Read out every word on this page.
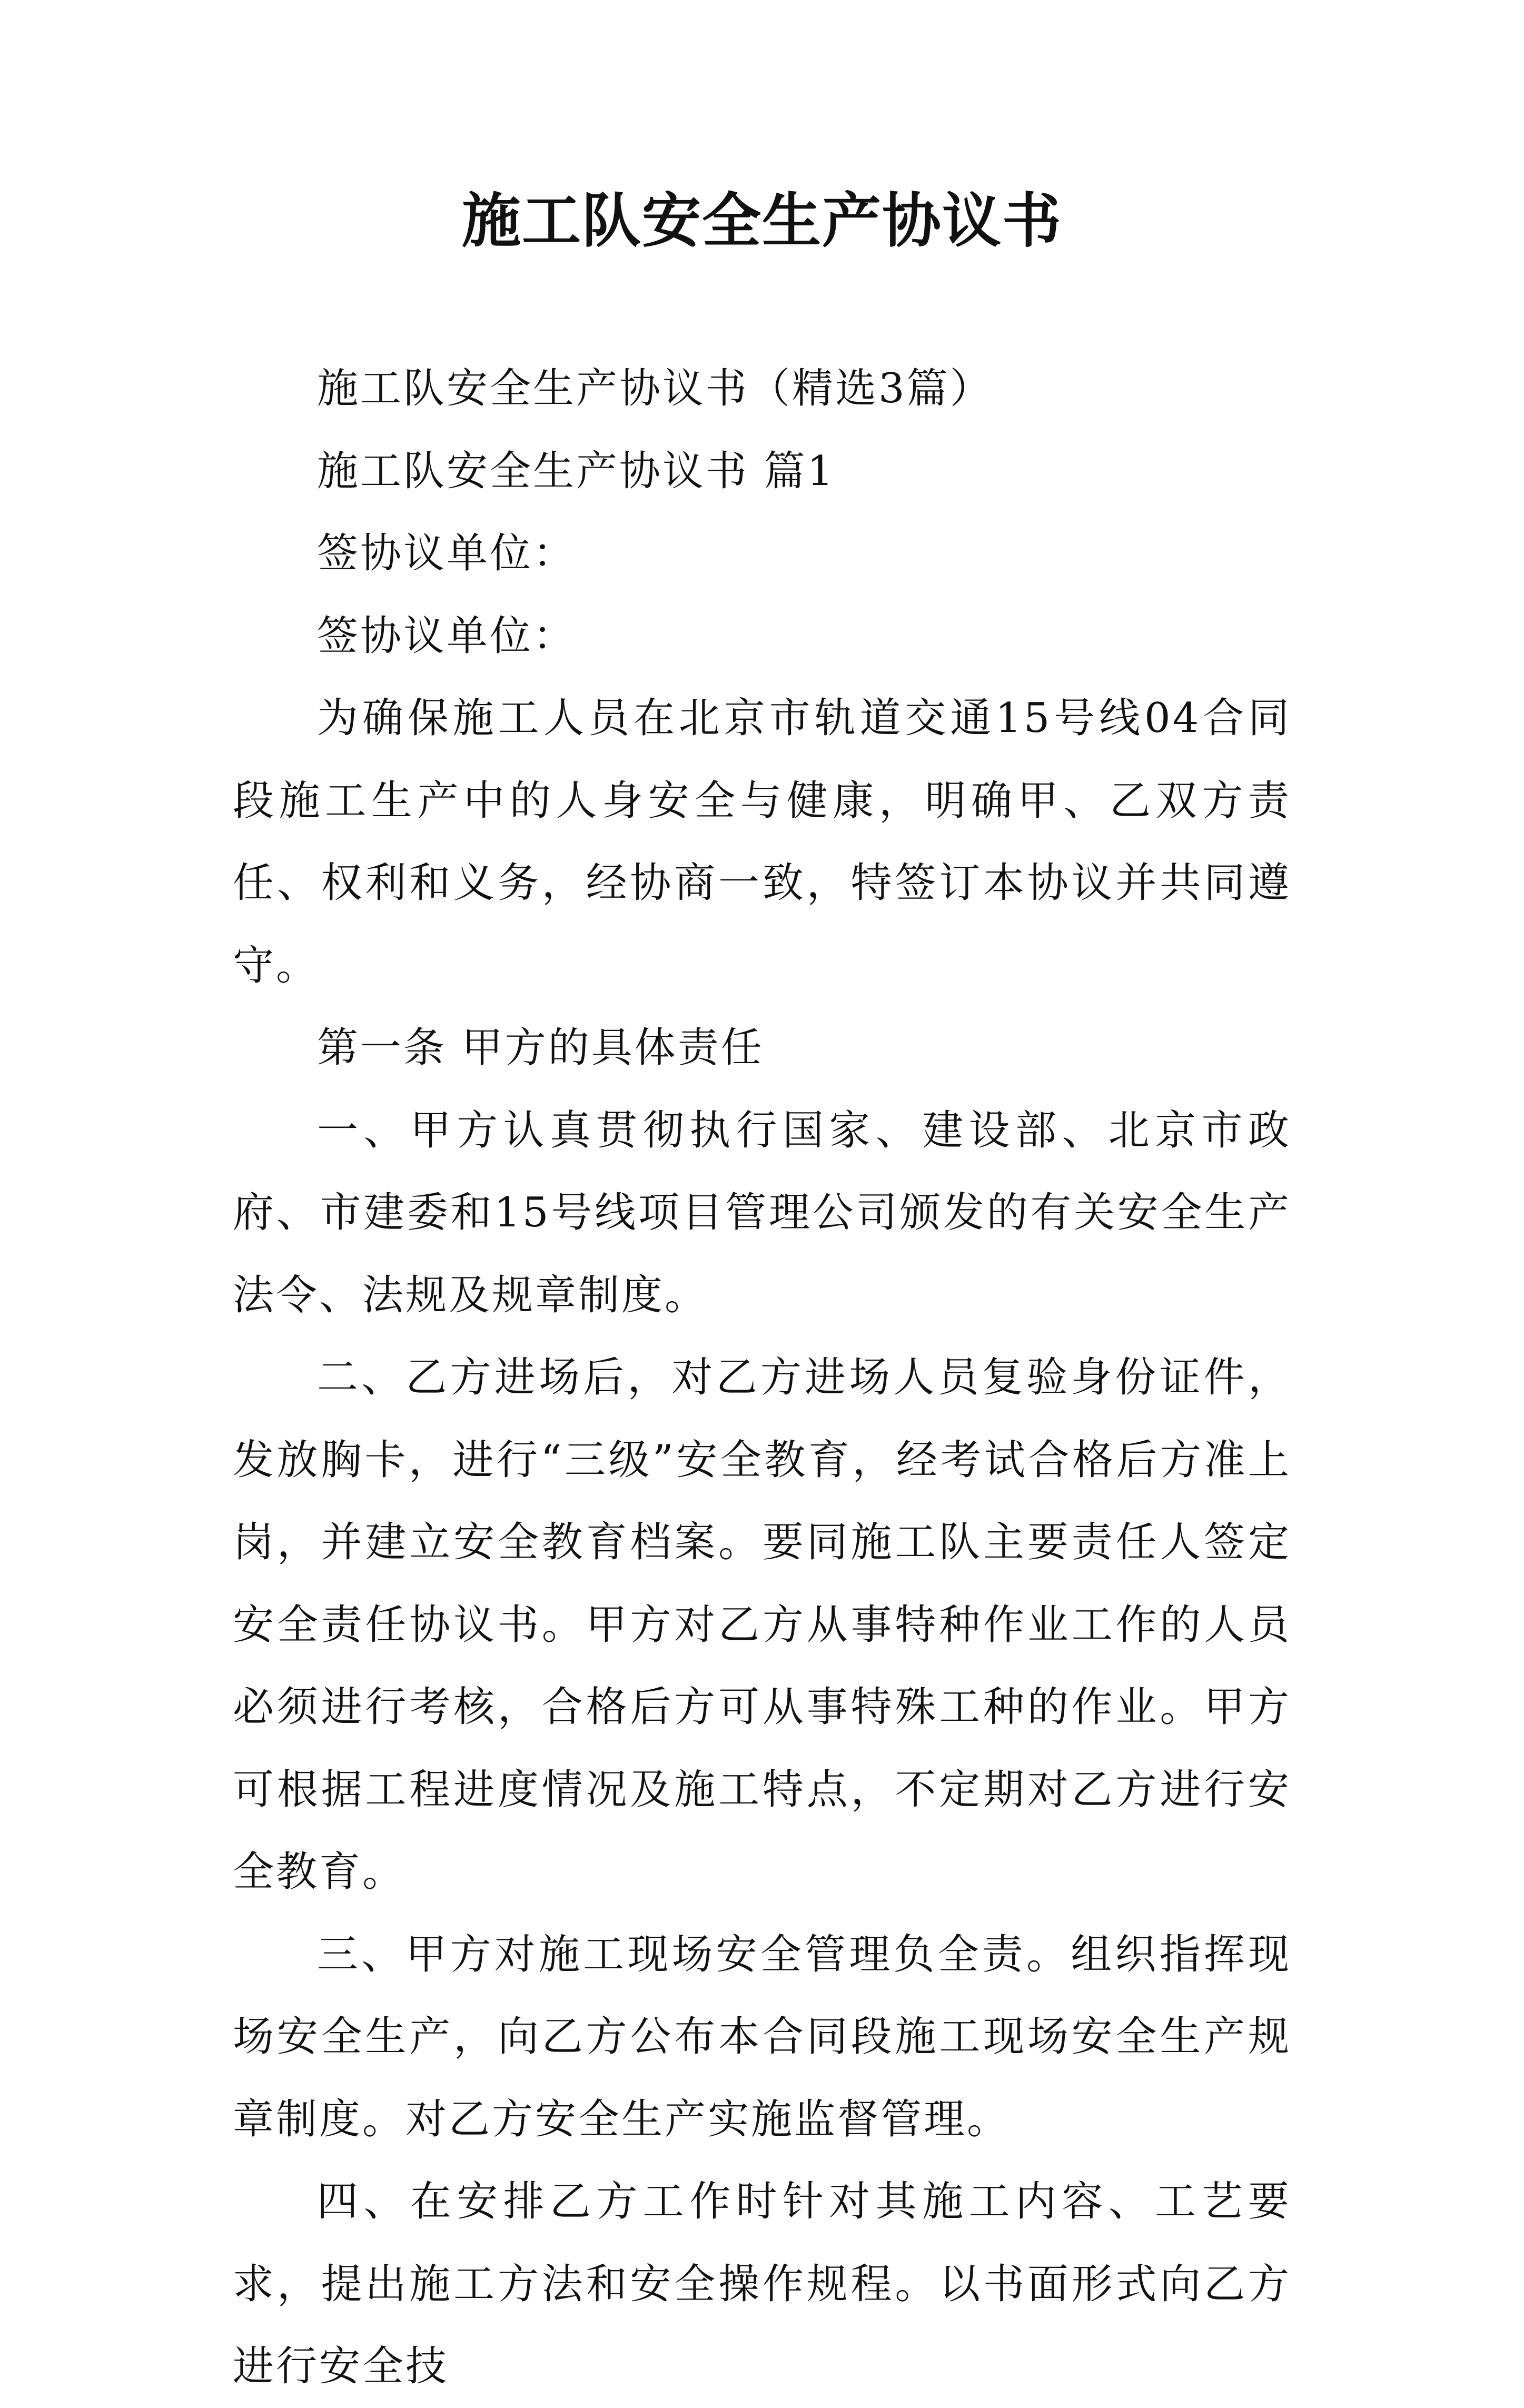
施工队安全生产协议书

施工队安全生产协议书（精选3篇）

施工队安全生产协议书 篇1

签协议单位：

签协议单位：

为确保施工人员在北京市轨道交通15号线04合同段施工生产中的人身安全与健康，明确甲、乙双方责任、权利和义务，经协商一致，特签订本协议并共同遵守。

第一条 甲方的具体责任

一、甲方认真贯彻执行国家、建设部、北京市政府、市建委和15号线项目管理公司颁发的有关安全生产法令、法规及规章制度。

二、乙方进场后，对乙方进场人员复验身份证件，发放胸卡，进行“三级”安全教育，经考试合格后方准上岗，并建立安全教育档案。要同施工队主要责任人签定安全责任协议书。甲方对乙方从事特种作业工作的人员必须进行考核，合格后方可从事特殊工种的作业。甲方可根据工程进度情况及施工特点，不定期对乙方进行安全教育。

三、甲方对施工现场安全管理负全责。组织指挥现场安全生产，向乙方公布本合同段施工现场安全生产规章制度。对乙方安全生产实施监督管理。

四、在安排乙方工作时针对其施工内容、工艺要求，提出施工方法和安全操作规程。以书面形式向乙方进行安全技
